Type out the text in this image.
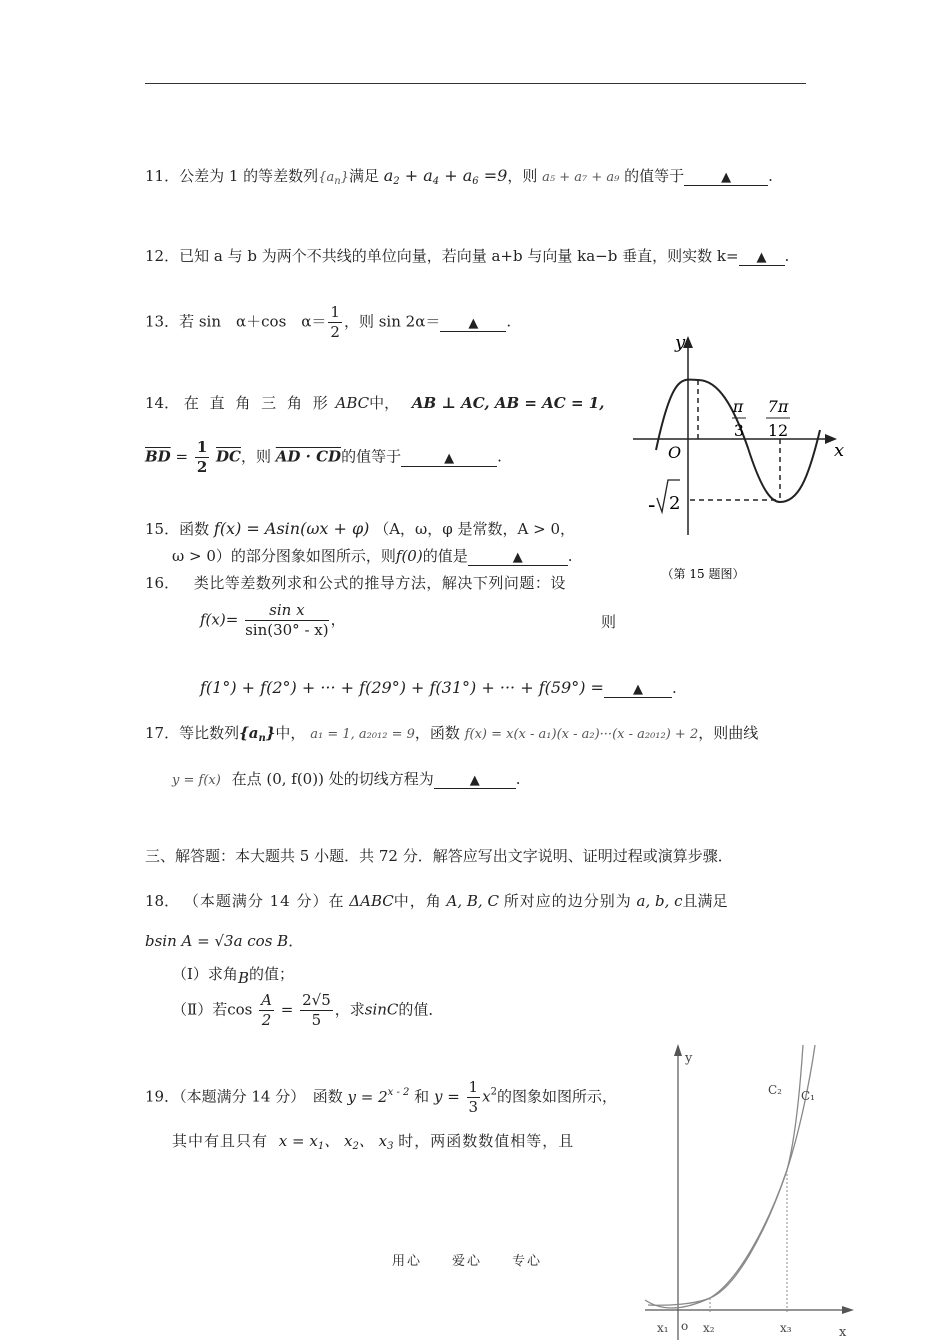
11．公差为 1 的等差数列$\{a_n\}$满足 $a_2 + a_4 + a_6 =9$，则 a₅ + a₇ + a₉ 的值等于	▲ .
12．已知 a 与 b 为两个不共线的单位向量，若向量 a+b 与向量 ka−b 垂直，则实数 k= ▲ .
13．若 sin　α＋cos　$\alpha= \frac{1}{2}$ ，则 sin 2α＝ ▲ .
14． 在 直 角 三 角 形 ABC中， AB ⊥ AC, AB = AC = 1,
$\overline{BD} = \frac{1}{2} \overline{DC}$，则 AD · CD的值等于	▲	.
15．函数 f(x) = Asin(ωx + φ) （A，ω，φ 是常数，A > 0，
ω > 0）的部分图象如图所示，则f(0)的值是	▲	.
y
x
O
π
3
7π
12
- 2
（第 15 题图）
16． 类比等差数列求和公式的推导方法，解决下列问题：设
$f(x)= \frac{\text{sin x}}{\sin(30^\circ - x)}$ ，	则
f(1°) + f(2°) + ··· + f(29°) + f(31°) + ··· + f(59°) = ▲ .
17．等比数列$\{a_n\}$中， a₁ = 1, a₂₀₁₂ = 9，函数 f(x) = x(x - a₁)(x - a₂)···(x - a₂₀₁₂) + 2，则曲线
y = f(x) 在点 (0, f(0)) 处的切线方程为	▲ .
三、解答题：本大题共 5 小题．共 72 分．解答应写出文字说明、证明过程或演算步骤．
18． （本题满分 14 分）在 ΔABC中，角 A, B, C 所对应的边分别为 a, b, c且满足
bsin A = √3a cos B．
（Ⅰ）求角B的值；
（Ⅱ）若$\cos \frac{A}{2} = \frac{2√5}{5}$ ，求sinC的值．
19．（本题满分 14 分）　函数 $y = 2^{x - 2}$ 和 $y = \frac{1}{3} x^2$的图象如图所示，
其中有且只有 $x = x_1$、 $x_2$、 $x_3$ 时，两函数数值相等，且
y
x
C₂ C₁
x₁ o x₂	x₃
用心　　爱心　　专心
